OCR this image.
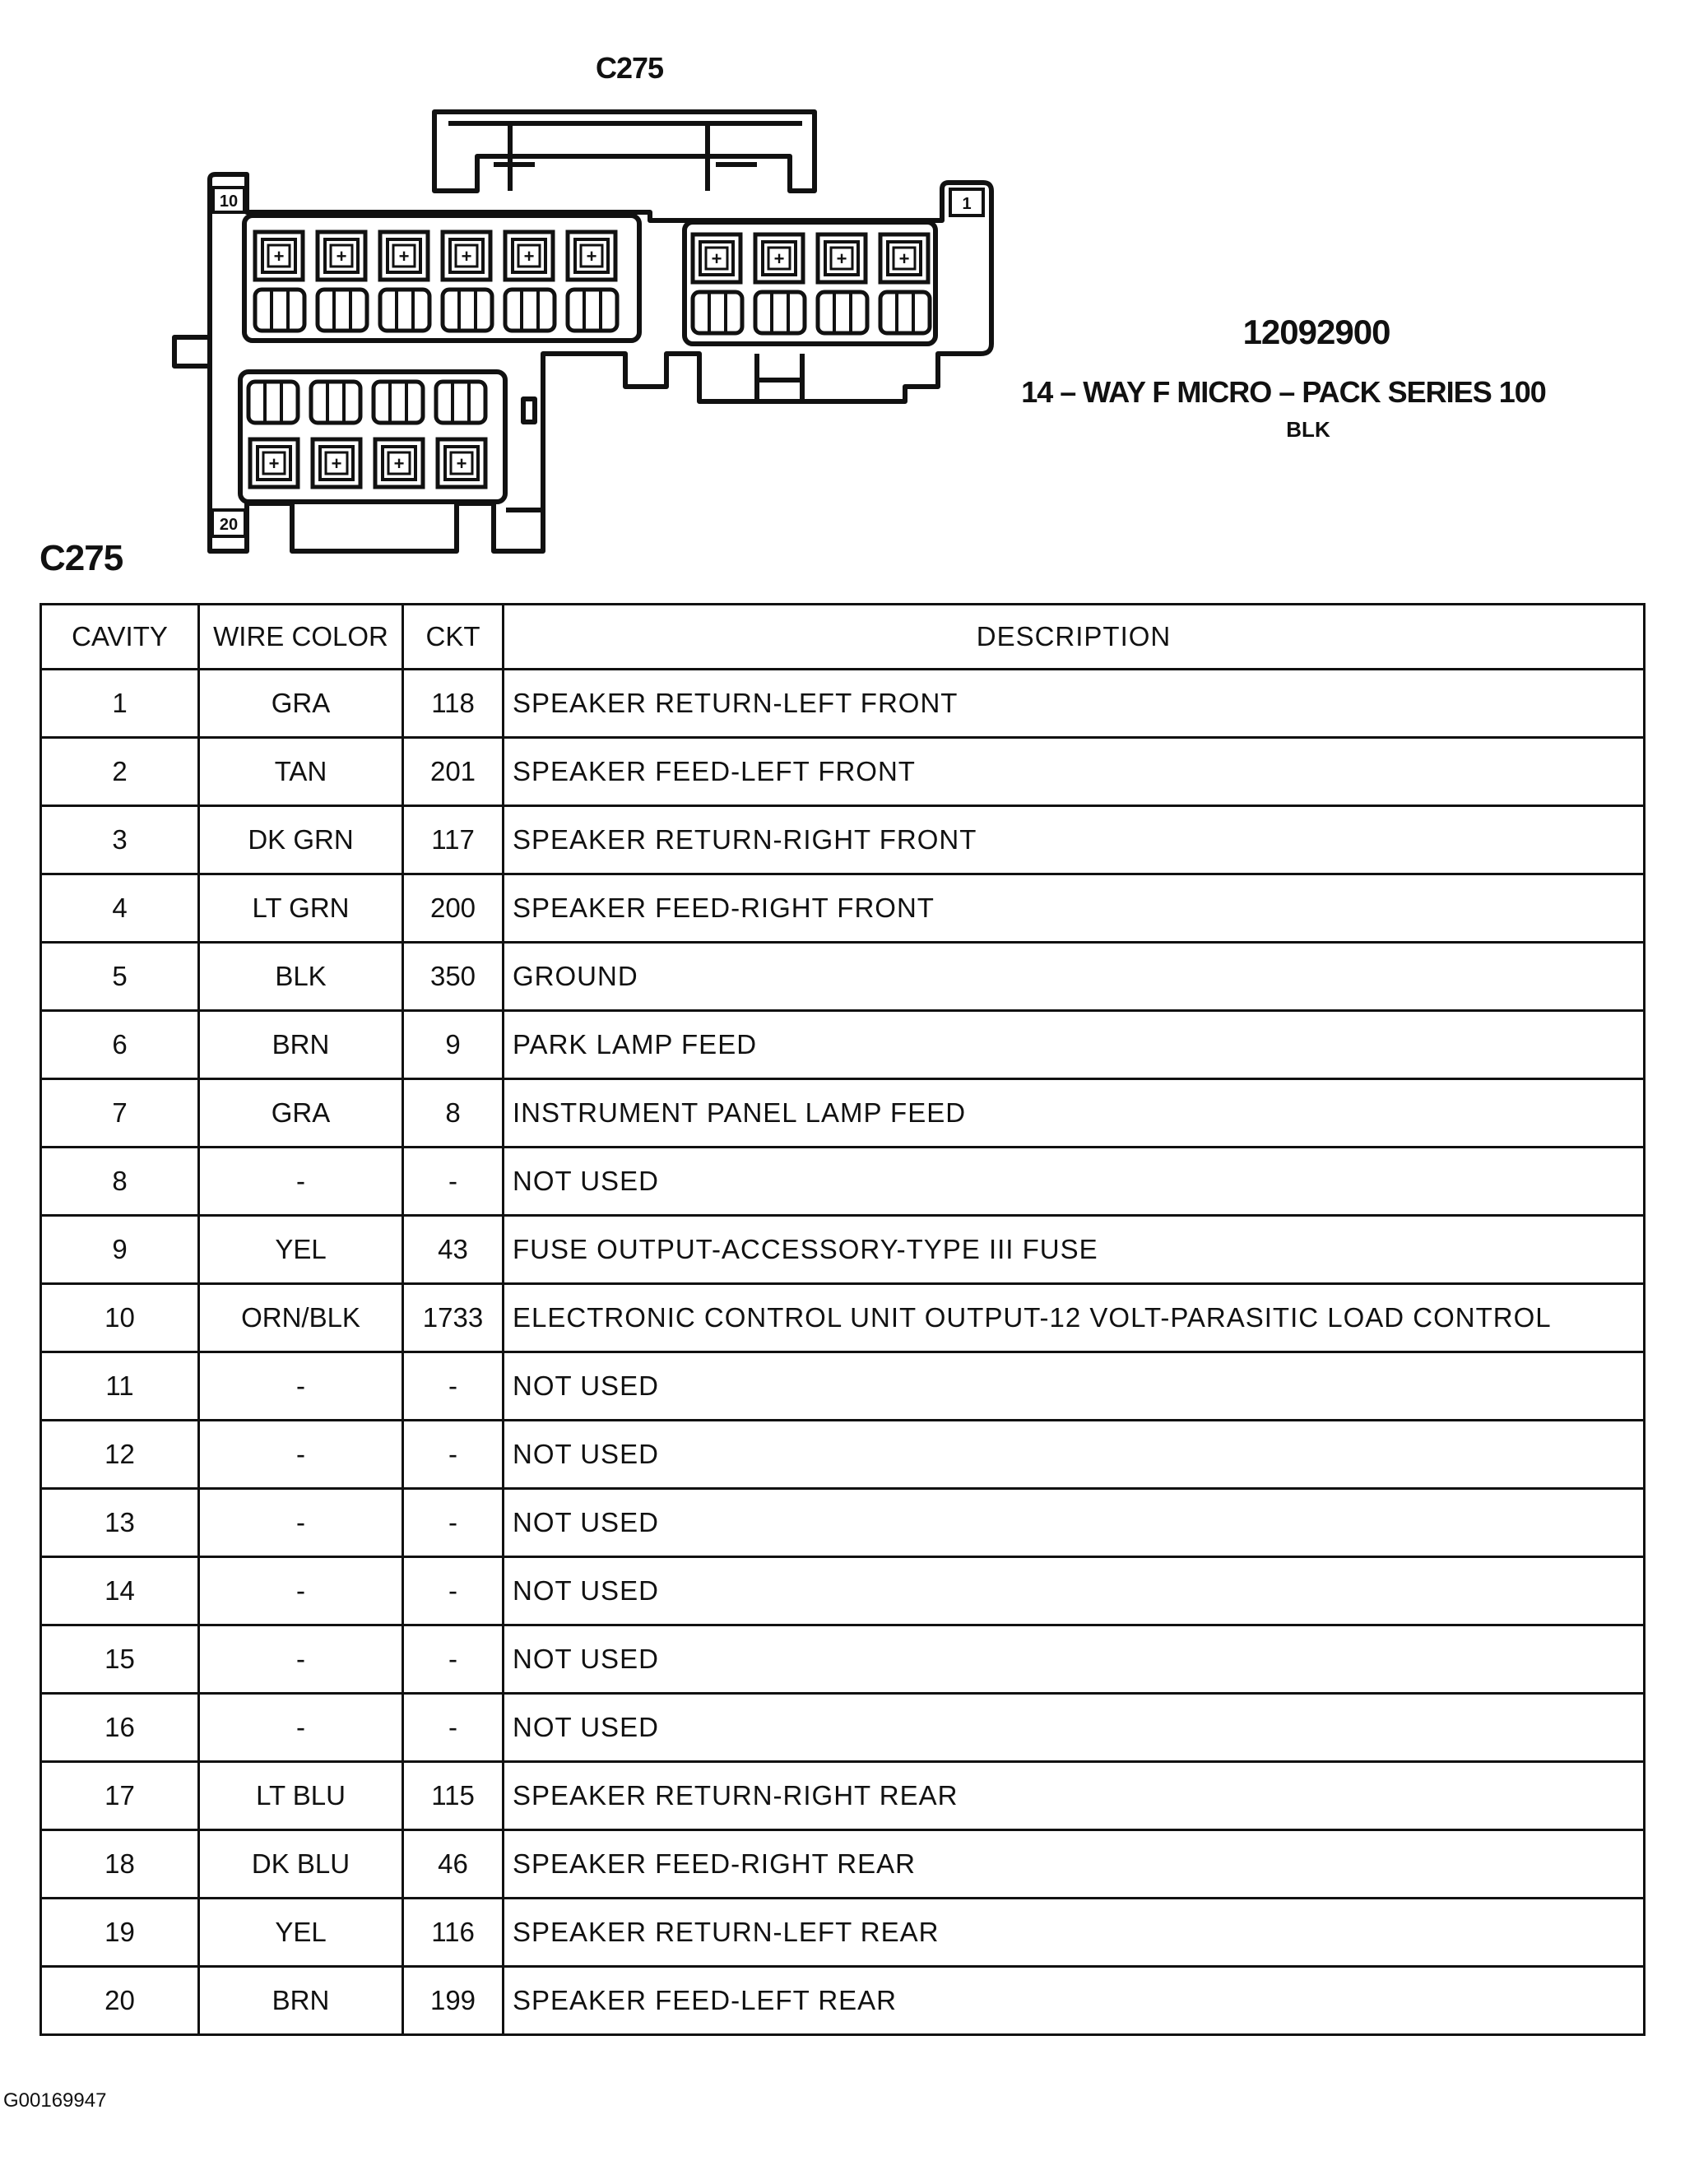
C275
10	1
20
+	+	+	+	+	+	+	+	+	+
+	+	+	+
12092900
14 – WAY F MICRO – PACK SERIES 100
BLK
C275
CAVITY	WIRE COLOR	CKT	DESCRIPTION
1	GRA	118	SPEAKER RETURN-LEFT FRONT
2	TAN	201	SPEAKER FEED-LEFT FRONT
3	DK GRN	117	SPEAKER RETURN-RIGHT FRONT
4	LT GRN	200	SPEAKER FEED-RIGHT FRONT
5	BLK	350	GROUND
6	BRN	9	PARK LAMP FEED
7	GRA	8	INSTRUMENT PANEL LAMP FEED
8	-	-	NOT USED
9	YEL	43	FUSE OUTPUT-ACCESSORY-TYPE III FUSE
10	ORN/BLK	1733	ELECTRONIC CONTROL UNIT OUTPUT-12 VOLT-PARASITIC LOAD CONTROL
11	-	-	NOT USED
12	-	-	NOT USED
13	-	-	NOT USED
14	-	-	NOT USED
15	-	-	NOT USED
16	-	-	NOT USED
17	LT BLU	115	SPEAKER RETURN-RIGHT REAR
18	DK BLU	46	SPEAKER FEED-RIGHT REAR
19	YEL	116	SPEAKER RETURN-LEFT REAR
20	BRN	199	SPEAKER FEED-LEFT REAR
G00169947
